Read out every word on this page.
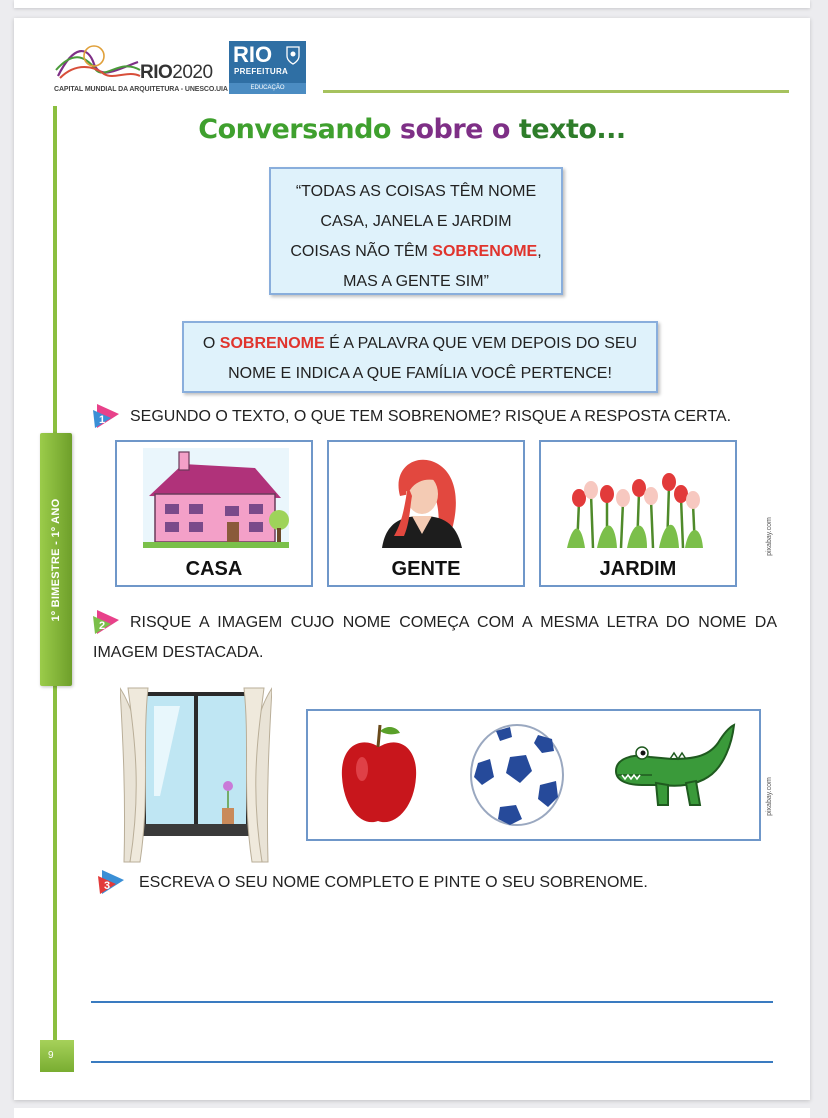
RIO2020
CAPITAL MUNDIAL DA ARQUITETURA - UNESCO.UIA
RIO
PREFEITURA
EDUCAÇÃO
1º BIMESTRE - 1º ANO
9
Conversando sobre o texto...
“TODAS AS COISAS TÊM NOME
CASA, JANELA E JARDIM
COISAS NÃO TÊM SOBRENOME,
MAS A GENTE SIM”
O SOBRENOME É A PALAVRA QUE VEM DEPOIS DO SEU
NOME E INDICA A QUE FAMÍLIA VOCÊ PERTENCE!
1 SEGUNDO O TEXTO, O QUE TEM SOBRENOME? RISQUE A RESPOSTA CERTA.
CASA	GENTE	JARDIM
pixabay.com
2 RISQUE A IMAGEM CUJO NOME COMEÇA COM A MESMA LETRA DO NOME DA
IMAGEM DESTACADA.
pixabay.com
3 ESCREVA O SEU NOME COMPLETO E PINTE O SEU SOBRENOME.
